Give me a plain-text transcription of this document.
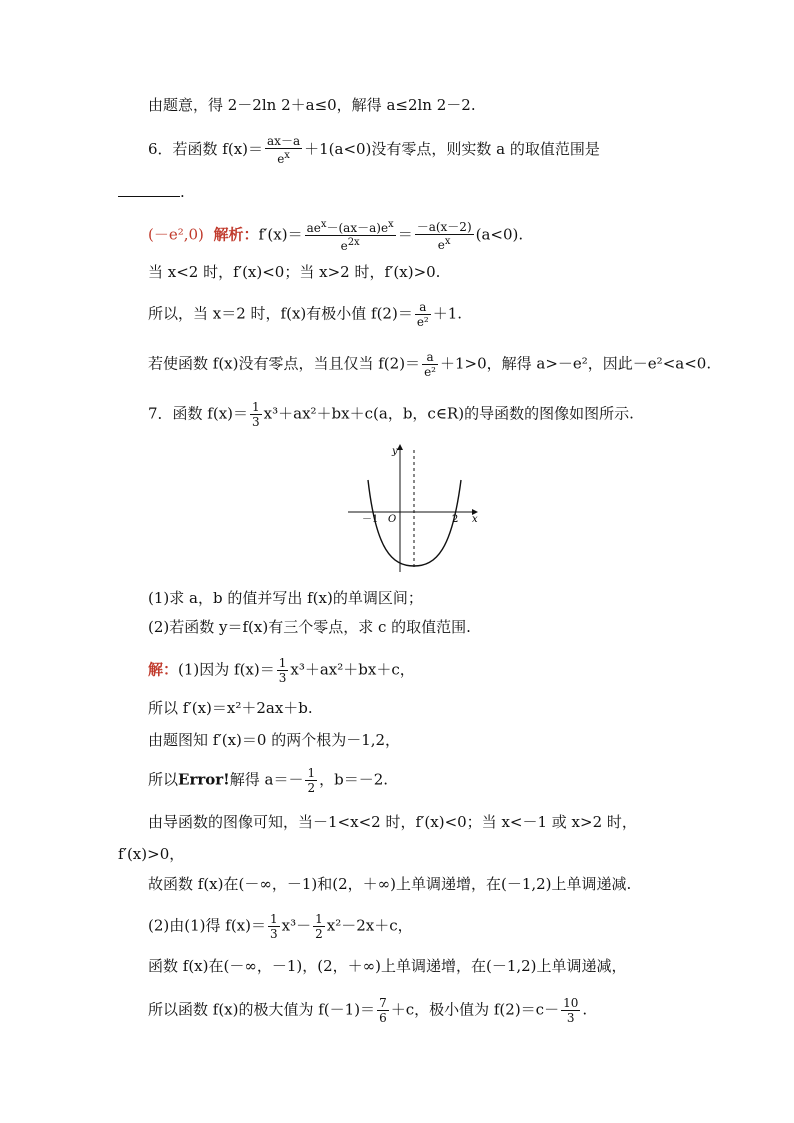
由题意，得 2－2ln 2＋a≤0，解得 a≤2ln 2－2.
6．若函数 $f(x)= \frac{ax-a}{e^x} +1(a<0)$没有零点，则实数 a 的取值范围是
.
(－e²,0) 解析：$f'(x)= \frac{ae^x-(ax-a)e^x}{e^{2x}} = \frac{-a(x-2)}{e^x} (a<0)$.
当 x<2 时，f′(x)<0；当 x>2 时，f′(x)>0.
所以，当 x＝2 时，f(x)有极小值 $f(2)= \frac{a}{\text{e²}} +1$.
若使函数 f(x)没有零点，当且仅当 $f(2)= \frac{a}{\text{e²}} +1>0$，解得 a>－e²，因此－e²<a<0.
7．函数 $f(x)= \frac{1}{3} x^3+ax^2+bx+c(a$，b，c∈R)的导函数的图像如图所示.
y
x
O
－1	2
(1)求 a，b 的值并写出 f(x)的单调区间；
(2)若函数 y＝f(x)有三个零点，求 c 的取值范围.
解：(1)因为 $f(x)= \frac{1}{3} x^3+ax^2+bx+c$，
所以 f′(x)＝x²＋2ax＋b.
由题图知 f′(x)＝0 的两个根为－1,2，
所以Error!解得 $a=- \frac{1}{2}$ ，b＝－2.
由导函数的图像可知，当－1<x<2 时，f′(x)<0；当 x<－1 或 x>2 时，
f′(x)>0，
故函数 f(x)在(－∞，－1)和(2，＋∞)上单调递增，在(－1,2)上单调递减.
(2)由(1)得 $f(x)= \frac{1}{3} x^3- \frac{1}{2} x^2-2x+c$，
函数 f(x)在(－∞，－1)，(2，＋∞)上单调递增，在(－1,2)上单调递减，
所以函数 f(x)的极大值为 $f(-1)= \frac{7}{6} +c$，极小值为 $f(2)=c- \frac{10}{3}$ .
